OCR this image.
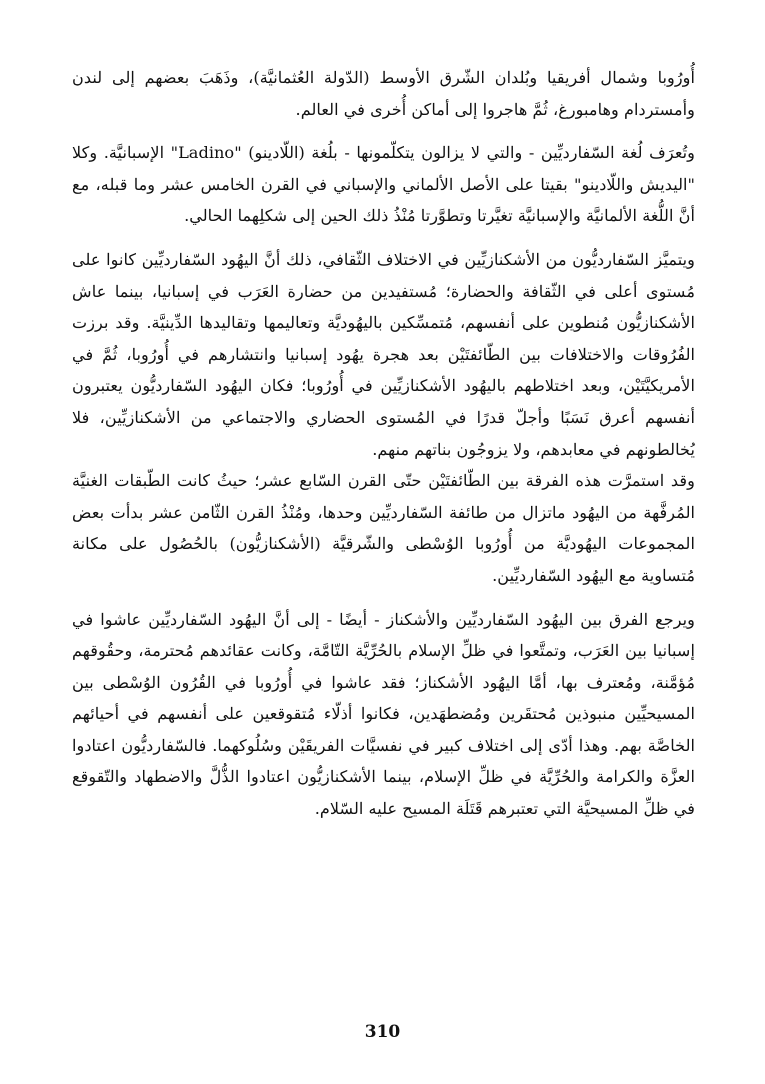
أُورُوبا وشمال أفريقيا وبُلدان الشّرق الأوسط (الدّولة العُثمانيَّة)، وذَهَبَ بعضهم إلى لندن وأمستردام وهامبورغ، ثُمَّ هاجروا إلى أماكن أُخرى في العالم.

وتُعرَف لُغة السّفارديِّين - والتي لا يزالون يتكلّمونها - بلُغة (اللّادينو) "Ladino" الإسبانيَّة. وكلا "اليديش واللّادينو" بقيتا على الأصل الألماني والإسباني في القرن الخامس عشر وما قبله، مع أنَّ اللُّغة الألمانيَّة والإسبانيَّة تغيَّرتا وتطوَّرتا مُنْذُ ذلك الحين إلى شكلِهما الحالي.

ويتميَّز السّفارديُّون من الأشكنازيِّين في الاختلاف الثّقافي، ذلك أنَّ اليهُود السّفارديِّين كانوا على مُستوى أعلى في الثّقافة والحضارة؛ مُستفيدين من حضارة العَرَب في إسبانيا، بينما عاش الأشكنازيُّون مُنطوين على أنفسهم، مُتمسِّكين باليهُوديَّة وتعاليمها وتقاليدها الدِّينيَّة. وقد برزت الفُرُوقات والاختلافات بين الطّائفتَيْن بعد هجرة يهُود إسبانيا وانتشارهم في أُورُوبا، ثُمَّ في الأمريكيَّتَيْن، وبعد اختلاطهم باليهُود الأشكنازيِّين في أُورُوبا؛ فكان اليهُود السّفارديُّون يعتبرون أنفسهم أعرق نَسَبًا وأجلّ قدرًا في المُستوى الحضاري والاجتماعي من الأشكنازيِّين، فلا يُخالطونهم في معابدهم، ولا يزوجُون بناتهم منهم.

وقد استمرَّت هذه الفرقة بين الطّائفتَيْن حتّى القرن السّابع عشر؛ حيثُ كانت الطّبقات الغنيَّة المُرفَّهة من اليهُود ماتزال من طائفة السّفارديِّين وحدها، ومُنْذُ القرن الثّامن عشر بدأت بعض المجموعات اليهُوديَّة من أُورُوبا الوُسْطى والشّرقيَّة (الأشكنازيُّون) بالحُصُول على مكانة مُتساوية مع اليهُود السّفارديِّين.

ويرجع الفرق بين اليهُود السّفارديِّين والأشكناز - أيضًا - إلى أنَّ اليهُود السّفارديِّين عاشوا في إسبانيا بين العَرَب، وتمتَّعوا في ظلِّ الإسلام بالحُرِّيَّة التّامَّة، وكانت عقائدهم مُحترمة، وحقُوقهم مُؤمَّنة، ومُعترف بها، أمَّا اليهُود الأشكناز؛ فقد عاشوا في أُورُوبا في القُرُون الوُسْطى بين المسيحيِّين منبوذين مُحتقَرين ومُضطهَدين، فكانوا أذلّاء مُتقوقعين على أنفسهم في أحيائهم الخاصَّة بهم. وهذا أدّى إلى اختلاف كبير في نفسيَّات الفريقَيْن وسُلُوكهما. فالسّفارديُّون اعتادوا العزَّة والكرامة والحُرِّيَّة في ظلِّ الإسلام، بينما الأشكنازيُّون اعتادوا الذُّلَّ والاضطهاد والتّقوقع في ظلِّ المسيحيَّة التي تعتبرهم قَتَلَة المسيح عليه السّلام.

310
